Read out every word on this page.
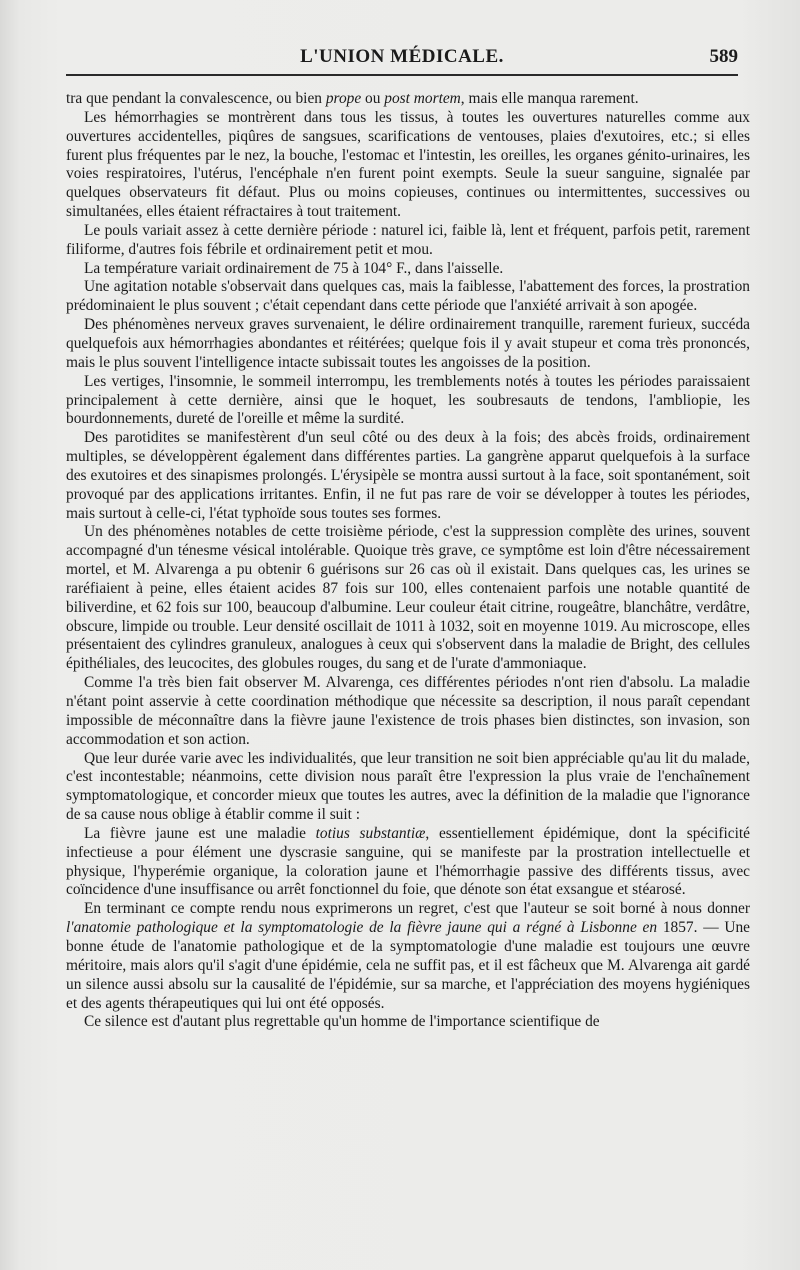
L'UNION MÉDICALE.	589

tra que pendant la convalescence, ou bien prope ou post mortem, mais elle manqua rarement.

Les hémorrhagies se montrèrent dans tous les tissus, à toutes les ouvertures naturelles comme aux ouvertures accidentelles, piqûres de sangsues, scarifications de ventouses, plaies d'exutoires, etc.; si elles furent plus fréquentes par le nez, la bouche, l'estomac et l'intestin, les oreilles, les organes génito-urinaires, les voies respiratoires, l'utérus, l'encéphale n'en furent point exempts. Seule la sueur sanguine, signalée par quelques observateurs fit défaut. Plus ou moins copieuses, continues ou intermittentes, successives ou simultanées, elles étaient réfractaires à tout traitement.

Le pouls variait assez à cette dernière période : naturel ici, faible là, lent et fréquent, parfois petit, rarement filiforme, d'autres fois fébrile et ordinairement petit et mou.

La température variait ordinairement de 75 à 104° F., dans l'aisselle.

Une agitation notable s'observait dans quelques cas, mais la faiblesse, l'abattement des forces, la prostration prédominaient le plus souvent ; c'était cependant dans cette période que l'anxiété arrivait à son apogée.

Des phénomènes nerveux graves survenaient, le délire ordinairement tranquille, rarement furieux, succéda quelquefois aux hémorrhagies abondantes et réitérées; quelque fois il y avait stupeur et coma très prononcés, mais le plus souvent l'intelligence intacte subissait toutes les angoisses de la position.

Les vertiges, l'insomnie, le sommeil interrompu, les tremblements notés à toutes les périodes paraissaient principalement à cette dernière, ainsi que le hoquet, les soubresauts de tendons, l'ambliopie, les bourdonnements, dureté de l'oreille et même la surdité.

Des parotidites se manifestèrent d'un seul côté ou des deux à la fois; des abcès froids, ordinairement multiples, se développèrent également dans différentes parties. La gangrène apparut quelquefois à la surface des exutoires et des sinapismes prolongés. L'érysipèle se montra aussi surtout à la face, soit spontanément, soit provoqué par des applications irritantes. Enfin, il ne fut pas rare de voir se développer à toutes les périodes, mais surtout à celle-ci, l'état typhoïde sous toutes ses formes.

Un des phénomènes notables de cette troisième période, c'est la suppression complète des urines, souvent accompagné d'un ténesme vésical intolérable. Quoique très grave, ce symptôme est loin d'être nécessairement mortel, et M. Alvarenga a pu obtenir 6 guérisons sur 26 cas où il existait. Dans quelques cas, les urines se raréfiaient à peine, elles étaient acides 87 fois sur 100, elles contenaient parfois une notable quantité de biliverdine, et 62 fois sur 100, beaucoup d'albumine. Leur couleur était citrine, rougeâtre, blanchâtre, verdâtre, obscure, limpide ou trouble. Leur densité oscillait de 1011 à 1032, soit en moyenne 1019. Au microscope, elles présentaient des cylindres granuleux, analogues à ceux qui s'observent dans la maladie de Bright, des cellules épithéliales, des leucocites, des globules rouges, du sang et de l'urate d'ammoniaque.

Comme l'a très bien fait observer M. Alvarenga, ces différentes périodes n'ont rien d'absolu. La maladie n'étant point asservie à cette coordination méthodique que nécessite sa description, il nous paraît cependant impossible de méconnaître dans la fièvre jaune l'existence de trois phases bien distinctes, son invasion, son accommodation et son action.

Que leur durée varie avec les individualités, que leur transition ne soit bien appréciable qu'au lit du malade, c'est incontestable; néanmoins, cette division nous paraît être l'expression la plus vraie de l'enchaînement symptomatologique, et concorder mieux que toutes les autres, avec la définition de la maladie que l'ignorance de sa cause nous oblige à établir comme il suit :

La fièvre jaune est une maladie totius substantiæ, essentiellement épidémique, dont la spécificité infectieuse a pour élément une dyscrasie sanguine, qui se manifeste par la prostration intellectuelle et physique, l'hyperémie organique, la coloration jaune et l'hémorrhagie passive des différents tissus, avec coïncidence d'une insuffisance ou arrêt fonctionnel du foie, que dénote son état exsangue et stéarosé.

En terminant ce compte rendu nous exprimerons un regret, c'est que l'auteur se soit borné à nous donner l'anatomie pathologique et la symptomatologie de la fièvre jaune qui a régné à Lisbonne en 1857. — Une bonne étude de l'anatomie pathologique et de la symptomatologie d'une maladie est toujours une œuvre méritoire, mais alors qu'il s'agit d'une épidémie, cela ne suffit pas, et il est fâcheux que M. Alvarenga ait gardé un silence aussi absolu sur la causalité de l'épidémie, sur sa marche, et l'appréciation des moyens hygiéniques et des agents thérapeutiques qui lui ont été opposés.

Ce silence est d'autant plus regrettable qu'un homme de l'importance scientifique de
